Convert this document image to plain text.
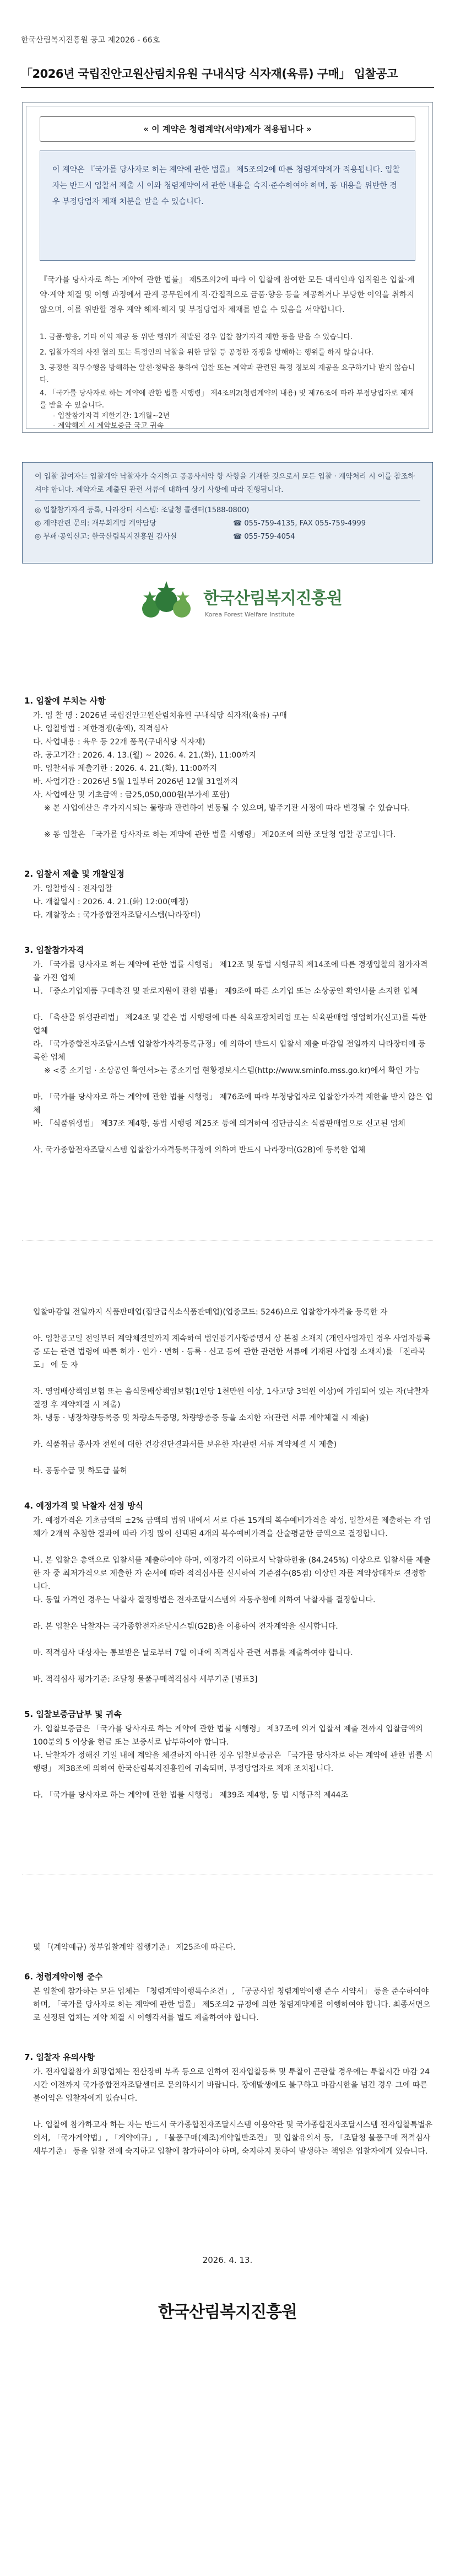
한국산림복지진흥원 공고 제2026 - 66호
「2026년 국립진안고원산림치유원 구내식당 식자재(육류) 구매」 입찰공고
« 이 계약은 청렴계약(서약)제가 적용됩니다 »
이 계약은 『국가를 당사자로 하는 계약에 관한 법률』 제5조의2에 따른 청렴계약제가 적용됩니다. 입찰자는 반드시 입찰서 제출 시 이와 청렴계약이서 관한 내용을 숙지·준수하여야 하며, 동 내용을 위반한 경우 부정당업자 제재 처분을 받을 수 있습니다.
『국가를 당사자로 하는 계약에 관한 법률』 제5조의2에 따라 이 입찰에 참여한 모든 대리인과 임직원은 입찰·계약·계약 체결 및 이행 과정에서 관계 공무원에게 직·간접적으로 금품·향응 등을 제공하거나 부당한 이익을 취하지 않으며, 이를 위반할 경우 계약 해제·해지 및 부정당업자 제재를 받을 수 있음을 서약합니다.
1. 금품·향응, 기타 이익 제공 등 위반 행위가 적발된 경우 입찰 참가자격 제한 등을 받을 수 있습니다.
2. 입찰가격의 사전 협의 또는 특정인의 낙찰을 위한 담합 등 공정한 경쟁을 방해하는 행위를 하지 않습니다.
3. 공정한 직무수행을 방해하는 알선·청탁을 통하여 입찰 또는 계약과 관련된 특정 정보의 제공을 요구하거나 받지 않습니다.
4. 「국가를 당사자로 하는 계약에 관한 법률 시행령」 제4조의2(청렴계약의 내용) 및 제76조에 따라 부정당업자로 제재를 받을 수 있습니다.
- 입찰참가자격 제한기간: 1개월~2년
- 계약해지 시 계약보증금 국고 귀속
이 입찰 참여자는 입찰계약 낙찰자가 숙지하고 공공사서약 항 사항을 기재한 것으로서 모든 입찰 · 계약처리 시 이를 참조하셔야 합니다. 계약자로 제출된 관련 서류에 대하여 상기 사항에 따라 진행됩니다.
◎ 입찰참가자격 등록, 나라장터 시스템: 조달청 콜센터(1588-0800)
◎ 계약관련 문의: 재무회계팀 계약담당	☎ 055-759-4135, FAX 055-759-4999
◎ 부패·공익신고: 한국산림복지진흥원 감사실	☎ 055-759-4054
한국산림복지진흥원
Korea Forest Welfare Institute
1. 입찰에 부치는 사항
가. 입 찰 명 : 2026년 국립진안고원산림치유원 구내식당 식자재(육류) 구매
나. 입찰방법 : 제한경쟁(총액), 적격심사
다. 사업내용 : 육우 등 22개 품목(구내식당 식자재)
라. 공고기간 : 2026. 4. 13.(월) ~ 2026. 4. 21.(화), 11:00까지
마. 입찰서류 제출기한 : 2026. 4. 21.(화), 11:00까지
바. 사업기간 : 2026년 5월 1일부터 2026년 12월 31일까지
사. 사업예산 및 기초금액 : 금25,050,000원(부가세 포함)
※ 본 사업예산은 추가지시되는 물량과 관련하여 변동될 수 있으며, 발주기관 사정에 따라 변경될 수 있습니다.
※ 동 입찰은 「국가를 당사자로 하는 계약에 관한 법률 시행령」 제20조에 의한 조달청 입찰 공고입니다.
2. 입찰서 제출 및 개찰일정
가. 입찰방식 : 전자입찰
나. 개찰일시 : 2026. 4. 21.(화) 12:00(예정)
다. 개찰장소 : 국가종합전자조달시스템(나라장터)
3. 입찰참가자격
가. 「국가를 당사자로 하는 계약에 관한 법률 시행령」 제12조 및 동법 시행규칙 제14조에 따른 경쟁입찰의 참가자격을 가진 업체
나. 「중소기업제품 구매촉진 및 판로지원에 관한 법률」 제9조에 따른 소기업 또는 소상공인 확인서를 소지한 업체
다. 「축산물 위생관리법」 제24조 및 같은 법 시행령에 따른 식육포장처리업 또는 식육판매업 영업허가(신고)를 득한 업체
라. 「국가종합전자조달시스템 입찰참가자격등록규정」에 의하여 반드시 입찰서 제출 마감일 전일까지 나라장터에 등록한 업체
※ <중 소기업 · 소상공인 확인서>는 중소기업 현황정보시스템(http://www.sminfo.mss.go.kr)에서 확인 가능
마. 「국가를 당사자로 하는 계약에 관한 법률 시행령」 제76조에 따라 부정당업자로 입찰참가자격 제한을 받지 않은 업체
바. 「식품위생법」 제37조 제4항, 동법 시행령 제25조 등에 의거하여 집단급식소 식품판매업으로 신고된 업체
사. 국가종합전자조달시스템 입찰참가자격등록규정에 의하여 반드시 나라장터(G2B)에 등록한 업체
입찰마감일 전일까지 식품판매업(집단급식소식품판매업)(업종코드: 5246)으로 입찰참가자격을 등록한 자
아. 입찰공고일 전일부터 계약체결일까지 계속하여 법인등기사항증명서 상 본점 소재지 (개인사업자인 경우 사업자등록증 또는 관련 법령에 따른 허가 · 인가 · 면허 · 등록 · 신고 등에 관한 관련한 서류에 기재된 사업장 소재지)를 「전라북도」 에 둔 자
자. 영업배상책임보험 또는 음식물배상책임보험(1인당 1천만원 이상, 1사고당 3억원 이상)에 가입되어 있는 자(낙찰자 결정 후 계약체결 시 제출)
차. 냉동 · 냉장차량등록증 및 차량소독증명, 차량방충증 등을 소지한 자(관련 서류 계약체결 시 제출)
카. 식품취급 종사자 전원에 대한 건강진단결과서를 보유한 자(관련 서류 계약체결 시 제출)
타. 공동수급 및 하도급 불허
4. 예정가격 및 낙찰자 선정 방식
가. 예정가격은 기초금액의 ±2% 금액의 범위 내에서 서로 다른 15개의 복수예비가격을 작성, 입찰서를 제출하는 각 업체가 2개씩 추첨한 결과에 따라 가장 많이 선택된 4개의 복수예비가격을 산술평균한 금액으로 결정합니다.
나. 본 입찰은 총액으로 입찰서를 제출하여야 하며, 예정가격 이하로서 낙찰하한율 (84.245%) 이상으로 입찰서를 제출한 자 중 최저가격으로 제출한 자 순서에 따라 적격심사를 실시하여 기준점수(85점) 이상인 자를 계약상대자로 결정합니다.
다. 동일 가격인 경우는 낙찰자 결정방법은 전자조달시스템의 자동추첨에 의하여 낙찰자를 결정합니다.
라. 본 입찰은 낙찰자는 국가종합전자조달시스템(G2B)을 이용하여 전자계약을 실시합니다.
마. 적격심사 대상자는 통보받은 날로부터 7일 이내에 적격심사 관련 서류를 제출하여야 합니다.
바. 적격심사 평가기준: 조달청 물품구매적격심사 세부기준 [별표3]
5. 입찰보증금납부 및 귀속
가. 입찰보증금은 「국가를 당사자로 하는 계약에 관한 법률 시행령」 제37조에 의거 입찰서 제출 전까지 입찰금액의 100분의 5 이상을 현금 또는 보증서로 납부하여야 합니다.
나. 낙찰자가 정해진 기일 내에 계약을 체결하지 아니한 경우 입찰보증금은 「국가를 당사자로 하는 계약에 관한 법률 시행령」 제38조에 의하여 한국산림복지진흥원에 귀속되며, 부정당업자로 제재 조치됩니다.
다. 「국가를 당사자로 하는 계약에 관한 법률 시행령」 제39조 제4항, 동 법 시행규칙 제44조
및 「(계약예규) 정부입찰계약 집행기준」 제25조에 따른다.
6. 청렴계약이행 준수
본 입찰에 참가하는 모든 업체는 「청렴계약이행특수조건」, 「공공사업 청렴계약이행 준수 서약서」 등을 준수하여야 하며, 「국가를 당사자로 하는 계약에 관한 법률」 제5조의2 규정에 의한 청렴계약제를 이행하여야 합니다. 최종서면으로 선정된 업체는 계약 체결 시 이행각서를 별도 제출하여야 합니다.
7. 입찰자 유의사항
가. 전자입찰참가 희망업체는 전산장비 부족 등으로 인하여 전자입찰등록 및 투찰이 곤란할 경우에는 투찰시간 마감 24시간 이전까지 국가종합전자조달센터로 문의하시기 바랍니다. 장애발생에도 불구하고 마감시한을 넘긴 경우 그에 따른 불이익은 입찰자에게 있습니다.
나. 입찰에 참가하고자 하는 자는 반드시 국가종합전자조달시스템 이용약관 및 국가종합전자조달시스템 전자입찰특별유의서, 「국가계약법」, 「계약예규」, 「물품구매(제조)계약일반조건」 및 입찰유의서 등, 「조달청 물품구매 적격심사 세부기준」 등을 입찰 전에 숙지하고 입찰에 참가하여야 하며, 숙지하지 못하여 발생하는 책임은 입찰자에게 있습니다.
2026. 4. 13.
한국산림복지진흥원
